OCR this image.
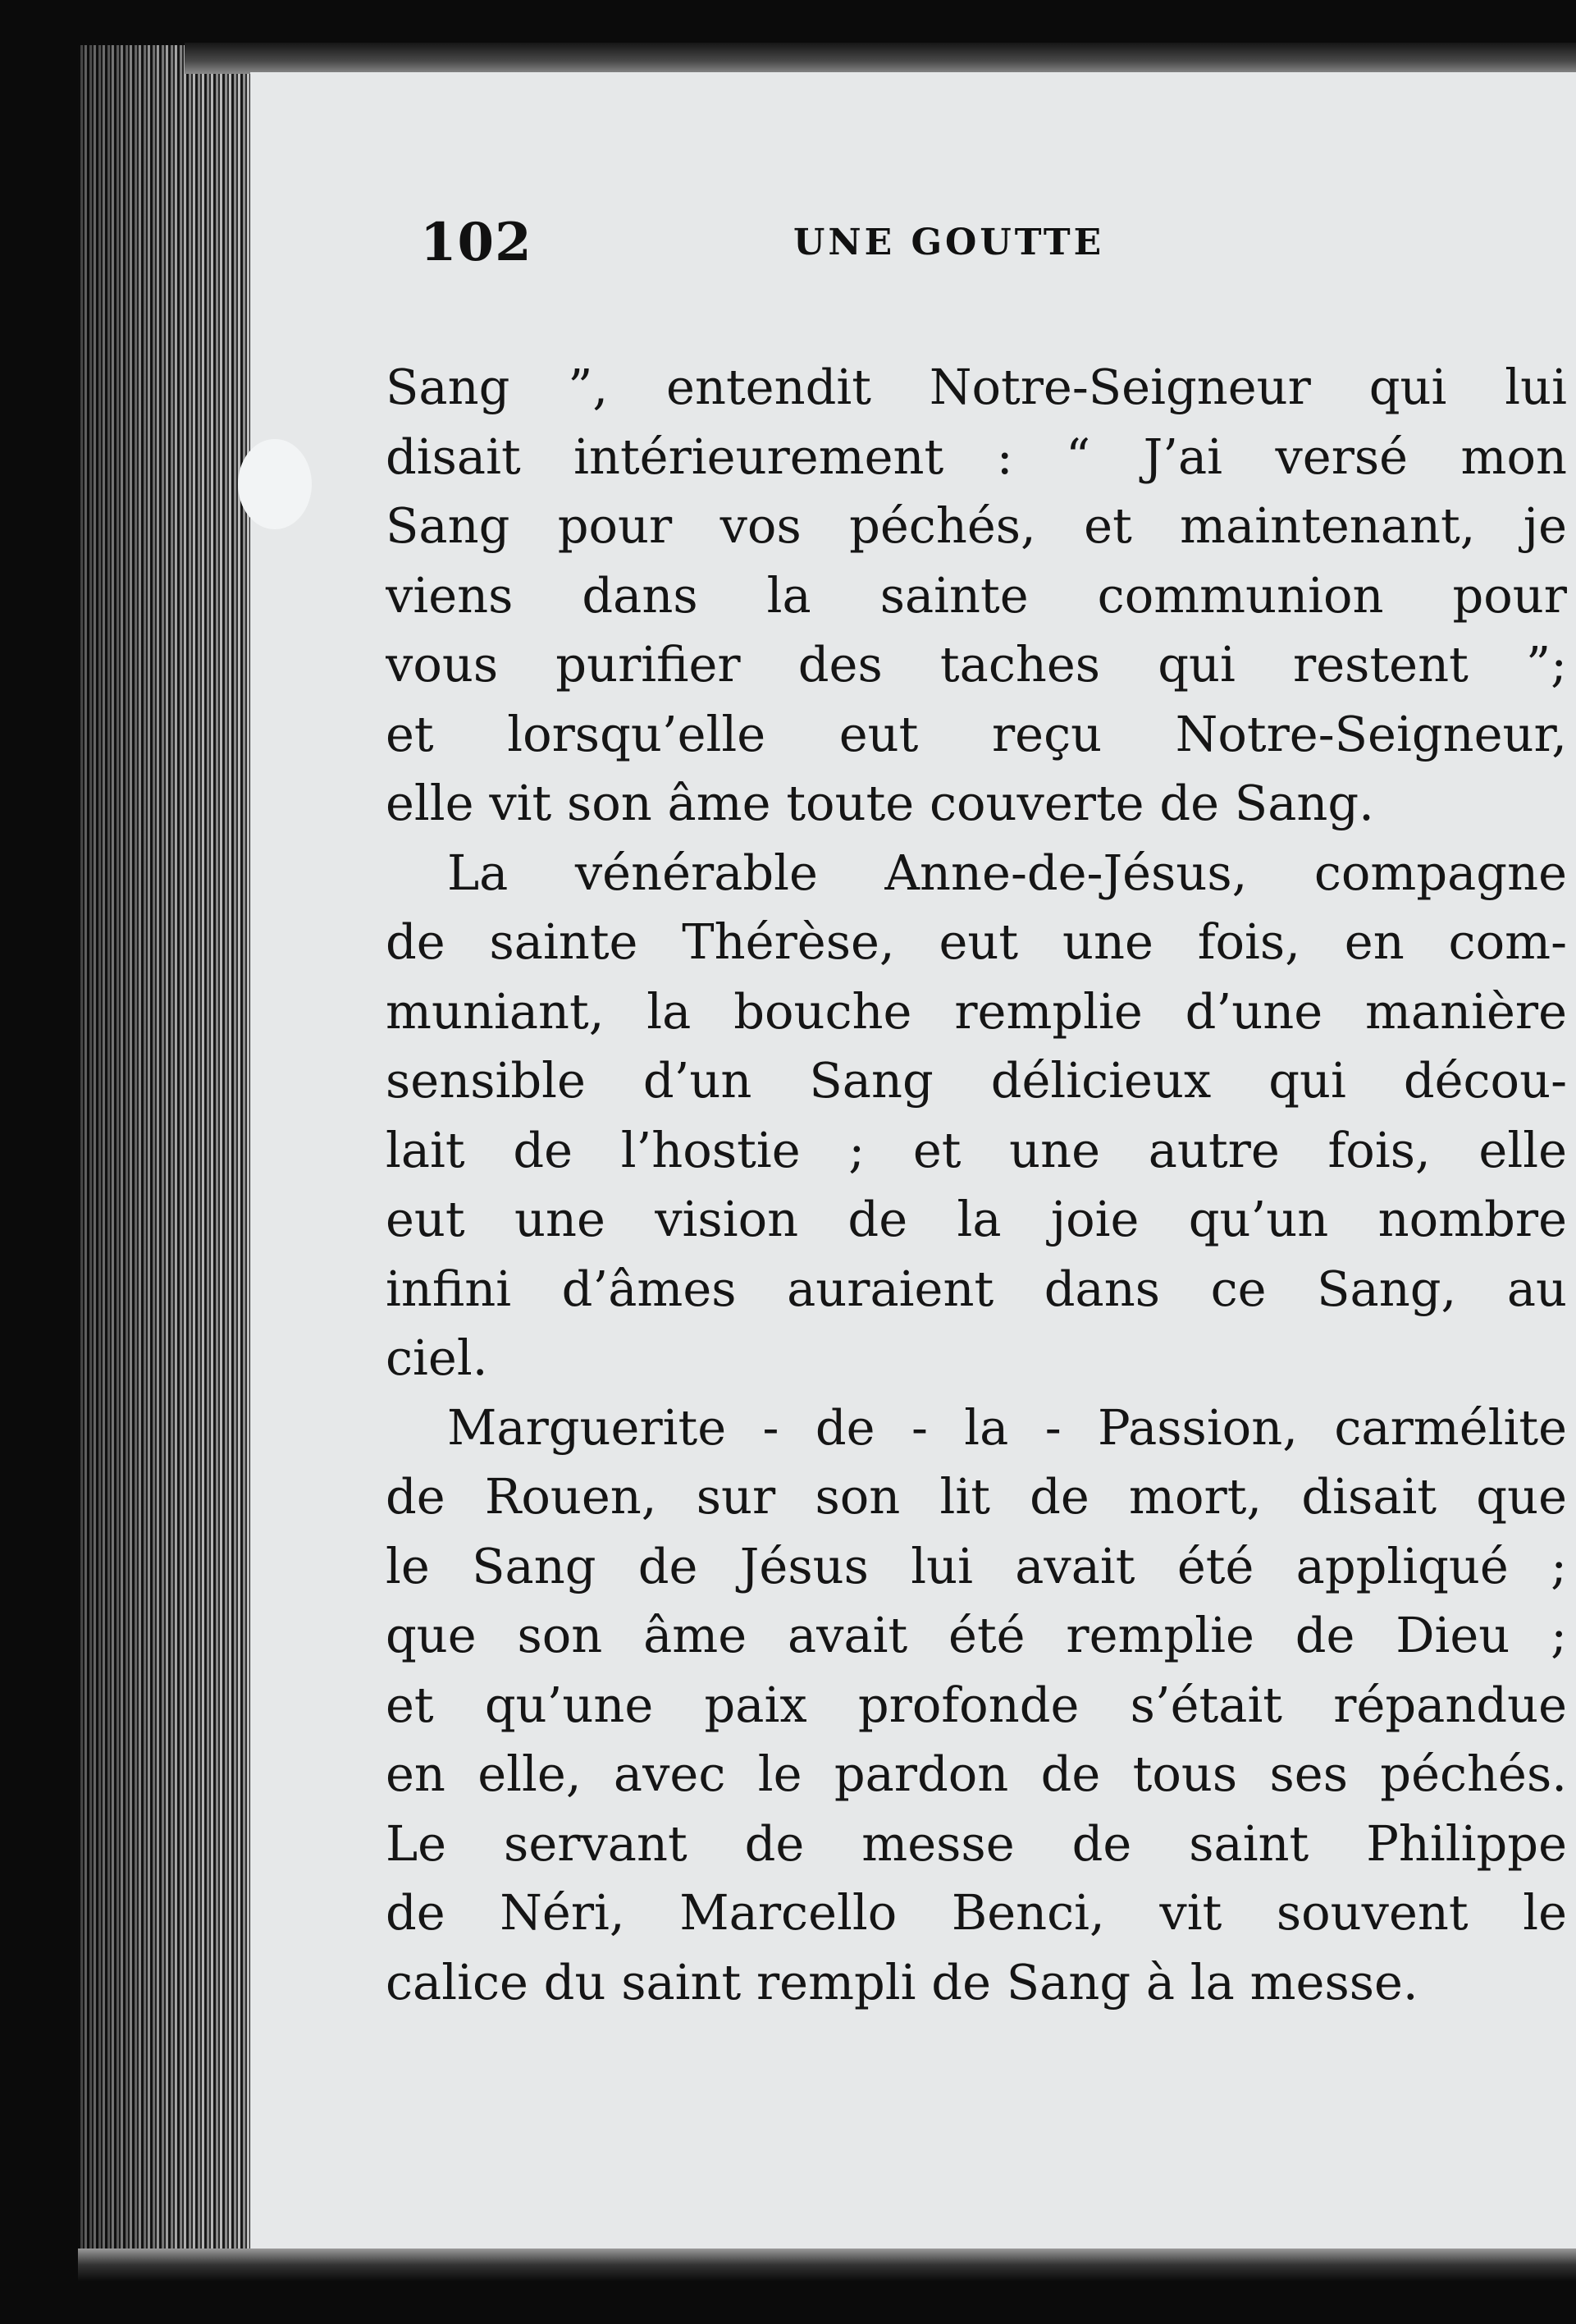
102	UNE GOUTTE
Sang ”, entendit Notre-Seigneur qui lui
disait intérieurement : “ J’ai versé mon
Sang pour vos péchés, et maintenant, je
viens dans la sainte communion pour
vous purifier des taches qui restent ”;
et lorsqu’elle eut reçu Notre-Seigneur,
elle vit son âme toute couverte de Sang.
La vénérable Anne-de-Jésus, compagne
de sainte Thérèse, eut une fois, en com-
muniant, la bouche remplie d’une manière
sensible d’un Sang délicieux qui décou-
lait de l’hostie ; et une autre fois, elle
eut une vision de la joie qu’un nombre
infini d’âmes auraient dans ce Sang, au
ciel.
Marguerite - de - la - Passion, carmélite
de Rouen, sur son lit de mort, disait que
le Sang de Jésus lui avait été appliqué ;
que son âme avait été remplie de Dieu ;
et qu’une paix profonde s’était répandue
en elle, avec le pardon de tous ses péchés.
Le servant de messe de saint Philippe
de Néri, Marcello Benci, vit souvent le
calice du saint rempli de Sang à la messe.
